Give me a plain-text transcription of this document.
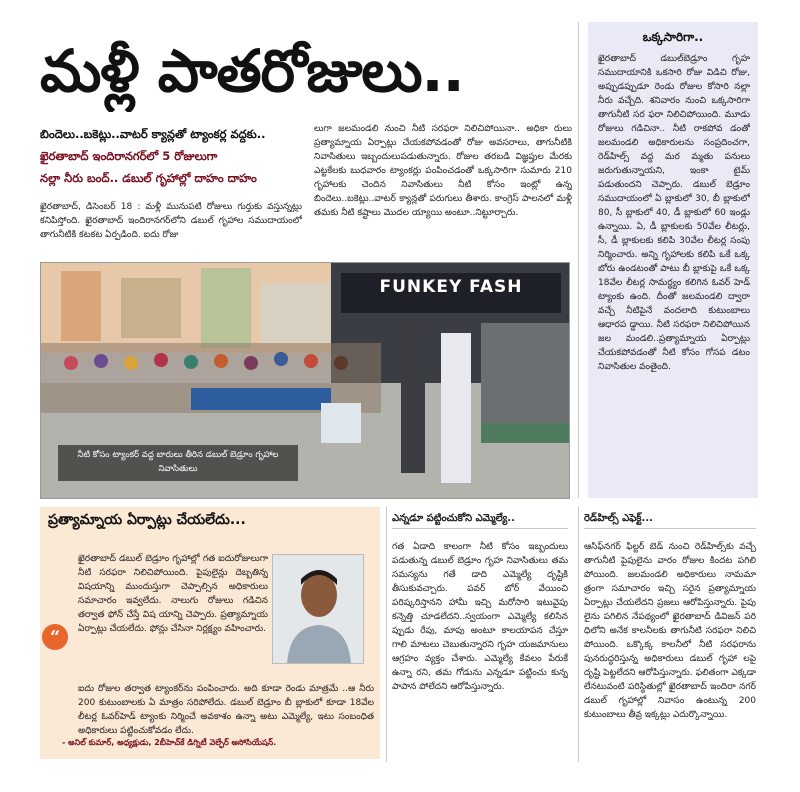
మళ్లీ పాతరోజులు..
బిందెలు..బకెట్లు..వాటర్ క్యాన్లతో ట్యాంకర్ల వద్దకు..
ఖైరతాబాద్ ఇందిరానగర్‌లో 5 రోజులుగా
నల్లా నీరు బంద్.. డబుల్ గృహాల్లో దాహం దాహం
ఖైరతాబాద్, డిసెంబర్ 18 : మళ్లీ మునుపటి రోజులు గుర్తుకు వస్తున్నట్లు కనిపిస్తోంది. ఖైరతాబాద్ ఇందిరానగర్‌లోని డబుల్ గృహాల సముదాయంలో తాగునీటికి కటకట ఏర్పడింది. ఐదు రోజు
లుగా జలమండలి నుంచి నీటి సరఫరా నిలిచిపోయినా.. అధికా రులు ప్రత్యామ్నాయ ఏర్పాట్లు చేయకపోవడంతో రోజు అవసరాలు, తాగునీటికి నివాసితులు ఇబ్బందులుపడుతున్నారు. రోజుల తరబడి విజ్ఞప్తుల మేరకు ఎట్టకేలకు బుధవారం ట్యాంకర్లు పంపించడంతో ఒక్కసారిగా సుమారు 210 గృహాలకు చెందిన నివాసితులు నీటి కోసం ఇంట్లో ఉన్న బిందెలు..బకెట్లు..వాటర్ క్యాన్లతో పరుగులు తీశారు. కాంగ్రెస్ పాలనలో మళ్లీ తమకు నీటి కష్టాలు మొదల య్యాయి అంటూ..నిట్టూర్చారు.
FUNKEY FASH
నీటి కోసం ట్యాంకర్ వద్ద బారులు తీరిన డబుల్ బెడ్రూం గృహాల నివాసితులు
ఒక్కసారిగా..
ఖైరతాబాద్ డబుల్‌బెడ్రూం గృహ సముదాయానికి ఒకసారి రోజు విడిచి రోజు, అప్పుడప్పుడూ రెండు రోజుల కోసారి నల్లా నీరు వచ్చేది. శనివారం నుంచి ఒక్కసారిగా తాగునీటి సర ఫరా నిలిచిపోయింది. మూడు రోజులు గడిచినా.. నీటి రాకపోవ డంతో జలమండలి అధికారులను సంప్రదించగా, రెడ్‌హిల్స్ వద్ద మర మ్మతు పనులు జరుగుతున్నాయని, ఇంకా టైమ్ పడుతుందని చెప్పారు. డబుల్ బెడ్రూం సముదాయంలో ఏ బ్లాకులో 30, బీ బ్లాకులో 80, సీ బ్లాకులో 40, డీ బ్లాకులో 60 ఇండ్లు ఉన్నాయి. ఏ, డీ బ్లాకులకు 50వేల లీటర్లు, సీ, డీ బ్లాకులకు కలిపి 30వేల లీటర్ల సంపు నిర్మించారు. అన్ని గృహాలకు కలిపి ఒకే ఒక్క బోరు ఉండటంతో పాటు బీ బ్లాకుపై ఒకే ఒక్క 18వేల లీటర్ల సామర్థ్యం కలిగిన ఓవర్ హెడ్ ట్యాంకు ఉంది. దీంతో జలమండలి ద్వారా వచ్చే నీటిపైనే వందలాది కుటుంబాలు ఆధారప డ్డాయి. నీటి సరఫరా నిలిచిపోయిన జల మండలి..ప్రత్యామ్నాయ ఏర్పాట్లు చేయకపోవడంతో నీటి కోసం గోసప డటం నివాసితుల వంతైంది.
ప్రత్యామ్నాయ ఏర్పాట్లు చేయలేదు...
ఖైరతాబాద్ డబుల్ బెడ్రూం గృహాల్లో గత ఐదురోజులుగా నీటి సరఫరా నిలిచిపోయింది. పైపులైన్లు దెబ్బతిన్న విషయాన్ని ముందుస్తుగా చెప్పాల్సిన అధికారులు సమాచారం ఇవ్వలేదు. నాలుగు రోజులు గడిచిన తర్వాత ఫోన్ చేస్తే విష యాన్ని చెప్పారు. ప్రత్యామ్నాయ ఏర్పాట్లు చేయలేదు. ఫోన్లు చేసినా నిర్లక్ష్యం వహించారు.
“
ఐదు రోజుల తర్వాత ట్యాంకర్‌ను పంపించారు. అది కూడా రెండు మాత్రమే ..ఆ నీరు 200 కుటుంబాలకు ఏ మాత్రం సరిపోలేదు. డబుల్ బెడ్రూం బీ బ్లాకులో కూడా 18వేల లీటర్ల ఓవర్‌హెడ్ ట్యాంకు నిర్మించే అవకాశం ఉన్నా అటు ఎమ్మెల్యే, ఇటు సంబంధిత అధికారులు పట్టించుకోవడం లేదు.
- అనిల్ కుమార్, అధ్యక్షుడు, 2బీహెచ్‌కే డిగ్నిటీ వెల్ఫేర్ అసోసియేషన్.
ఎన్నడూ పట్టించుకోని ఎమ్మెల్యే..
గత ఏడాది కాలంగా నీటి కోసం ఇబ్బందులు పడుతున్న డబుల్ బెడ్రూం గృహ నివాసితులు తమ సమస్యను గతే డాది ఎమ్మెల్యే దృష్టికి తీసుకువచ్చారు. పవర్ బోర్ వేయించి పరిష్కరిస్తానని హామీ ఇచ్చి మరోసారి ఇటువైపు కన్నెత్తి చూడలేదని..స్వయంగా ఎమ్మెల్యే కలిసిన ప్పుడు రేపు, మాపు అంటూ కాలయాపన చేస్తూ గాలి మాటలు చెబుతున్నారని గృహ యజమానులు ఆగ్రహం వ్యక్తం చేశారు. ఎమ్మెల్యే కేవలం పేరుకే ఉన్నా రని, తమ గోడును ఎన్నడూ పట్టించు కున్న పాపాన పోలేదని ఆరోపిస్తున్నారు.
రెడ్‌హిల్స్ ఎఫెక్ట్...
ఆసిఫ్‌నగర్ ఫిల్టర్ బెడ్ నుంచి రెడ్‌హిల్స్‌కు వచ్చే తాగునీటి పైపులైను వారం రోజుల కిందట పగిలి పోయింది. జలమండలి అధికారులు నామమా త్రంగా సమాచారం ఇచ్చి సరైన ప్రత్యామ్నాయ ఏర్పాట్లు చేయలేదని ప్రజలు ఆరోపిస్తున్నారు. పైపు లైను పగిలిన నేపథ్యంలో ఖైరతాబాద్ డివిజన్ పరి ధిలోని అనేక కాలనీలకు తాగునీటి సరఫరా నిలిచి పోయింది. ఒక్కొక్క కాలనీలో నీటి సరఫరాను పునరుద్ధరిస్తున్న అధికారులు డబుల్ గృహా లపై దృష్టి పెట్టలేదని ఆరోపిస్తున్నారు. ఫలితంగా ఎక్కడా లేనటువంటి పరిస్థితుల్లో ఖైరతాబాద్ ఇందిరా నగర్ డబుల్ గృహాల్లో నివాసం ఉంటున్న 200 కుటుంబాలు తీవ్ర ఇక్కట్లు ఎదుర్కొన్నాయి.
